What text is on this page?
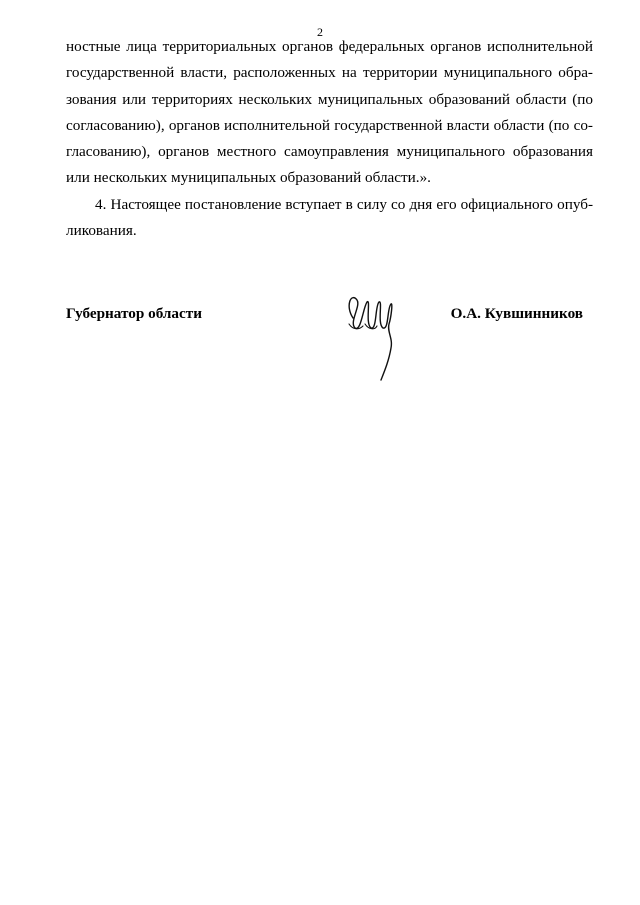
2
ностные лица территориальных органов федеральных органов исполнительной
государственной власти, расположенных на территории муниципального обра-
зования или территориях нескольких муниципальных образований области (по
согласованию), органов исполнительной государственной власти области (по со-
гласованию), органов местного самоуправления муниципального образования
или нескольких муниципальных образований области.».
4. Настоящее постановление вступает в силу со дня его официального опуб-
ликования.
Губернатор области	О.А. Кувшинников
